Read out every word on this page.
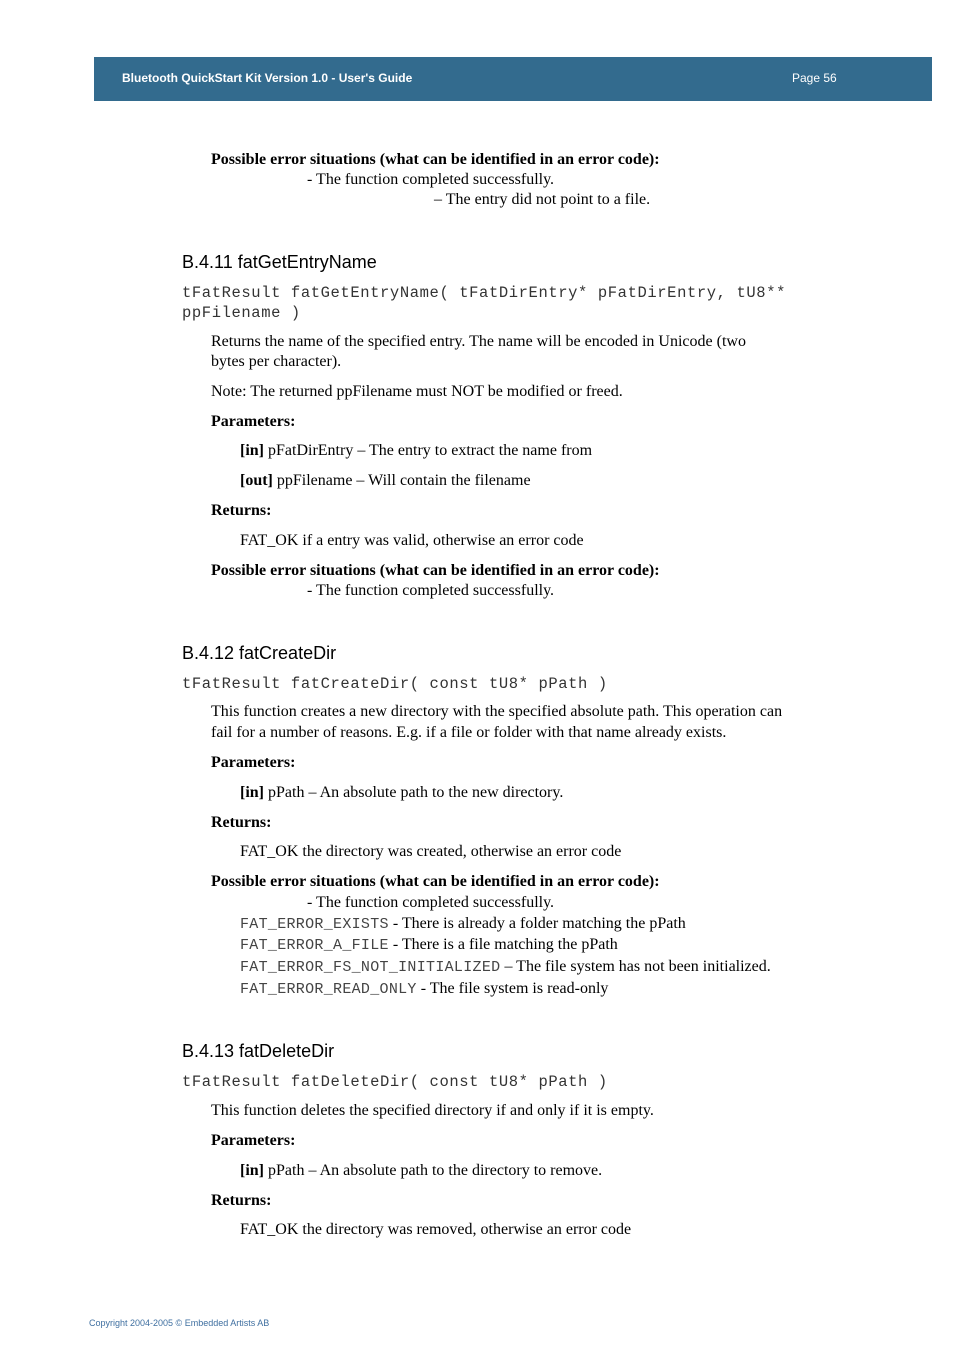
Bluetooth QuickStart Kit Version 1.0 - User's Guide	Page 56
Possible error situations (what can be identified in an error code):
- The function completed successfully.
– The entry did not point to a file.
B.4.11 fatGetEntryName
tFatResult fatGetEntryName( tFatDirEntry* pFatDirEntry, tU8**
ppFilename )
Returns the name of the specified entry. The name will be encoded in Unicode (two
bytes per character).
Note: The returned ppFilename must NOT be modified or freed.
Parameters:
[in] pFatDirEntry – The entry to extract the name from
[out] ppFilename – Will contain the filename
Returns:
FAT_OK if a entry was valid, otherwise an error code
Possible error situations (what can be identified in an error code):
- The function completed successfully.
B.4.12 fatCreateDir
tFatResult fatCreateDir( const tU8* pPath )
This function creates a new directory with the specified absolute path. This operation can
fail for a number of reasons. E.g. if a file or folder with that name already exists.
Parameters:
[in] pPath – An absolute path to the new directory.
Returns:
FAT_OK the directory was created, otherwise an error code
Possible error situations (what can be identified in an error code):
- The function completed successfully.
FAT_ERROR_EXISTS - There is already a folder matching the pPath
FAT_ERROR_A_FILE - There is a file matching the pPath
FAT_ERROR_FS_NOT_INITIALIZED – The file system has not been initialized.
FAT_ERROR_READ_ONLY - The file system is read-only
B.4.13 fatDeleteDir
tFatResult fatDeleteDir( const tU8* pPath )
This function deletes the specified directory if and only if it is empty.
Parameters:
[in] pPath – An absolute path to the directory to remove.
Returns:
FAT_OK the directory was removed, otherwise an error code
Copyright 2004-2005 © Embedded Artists AB
